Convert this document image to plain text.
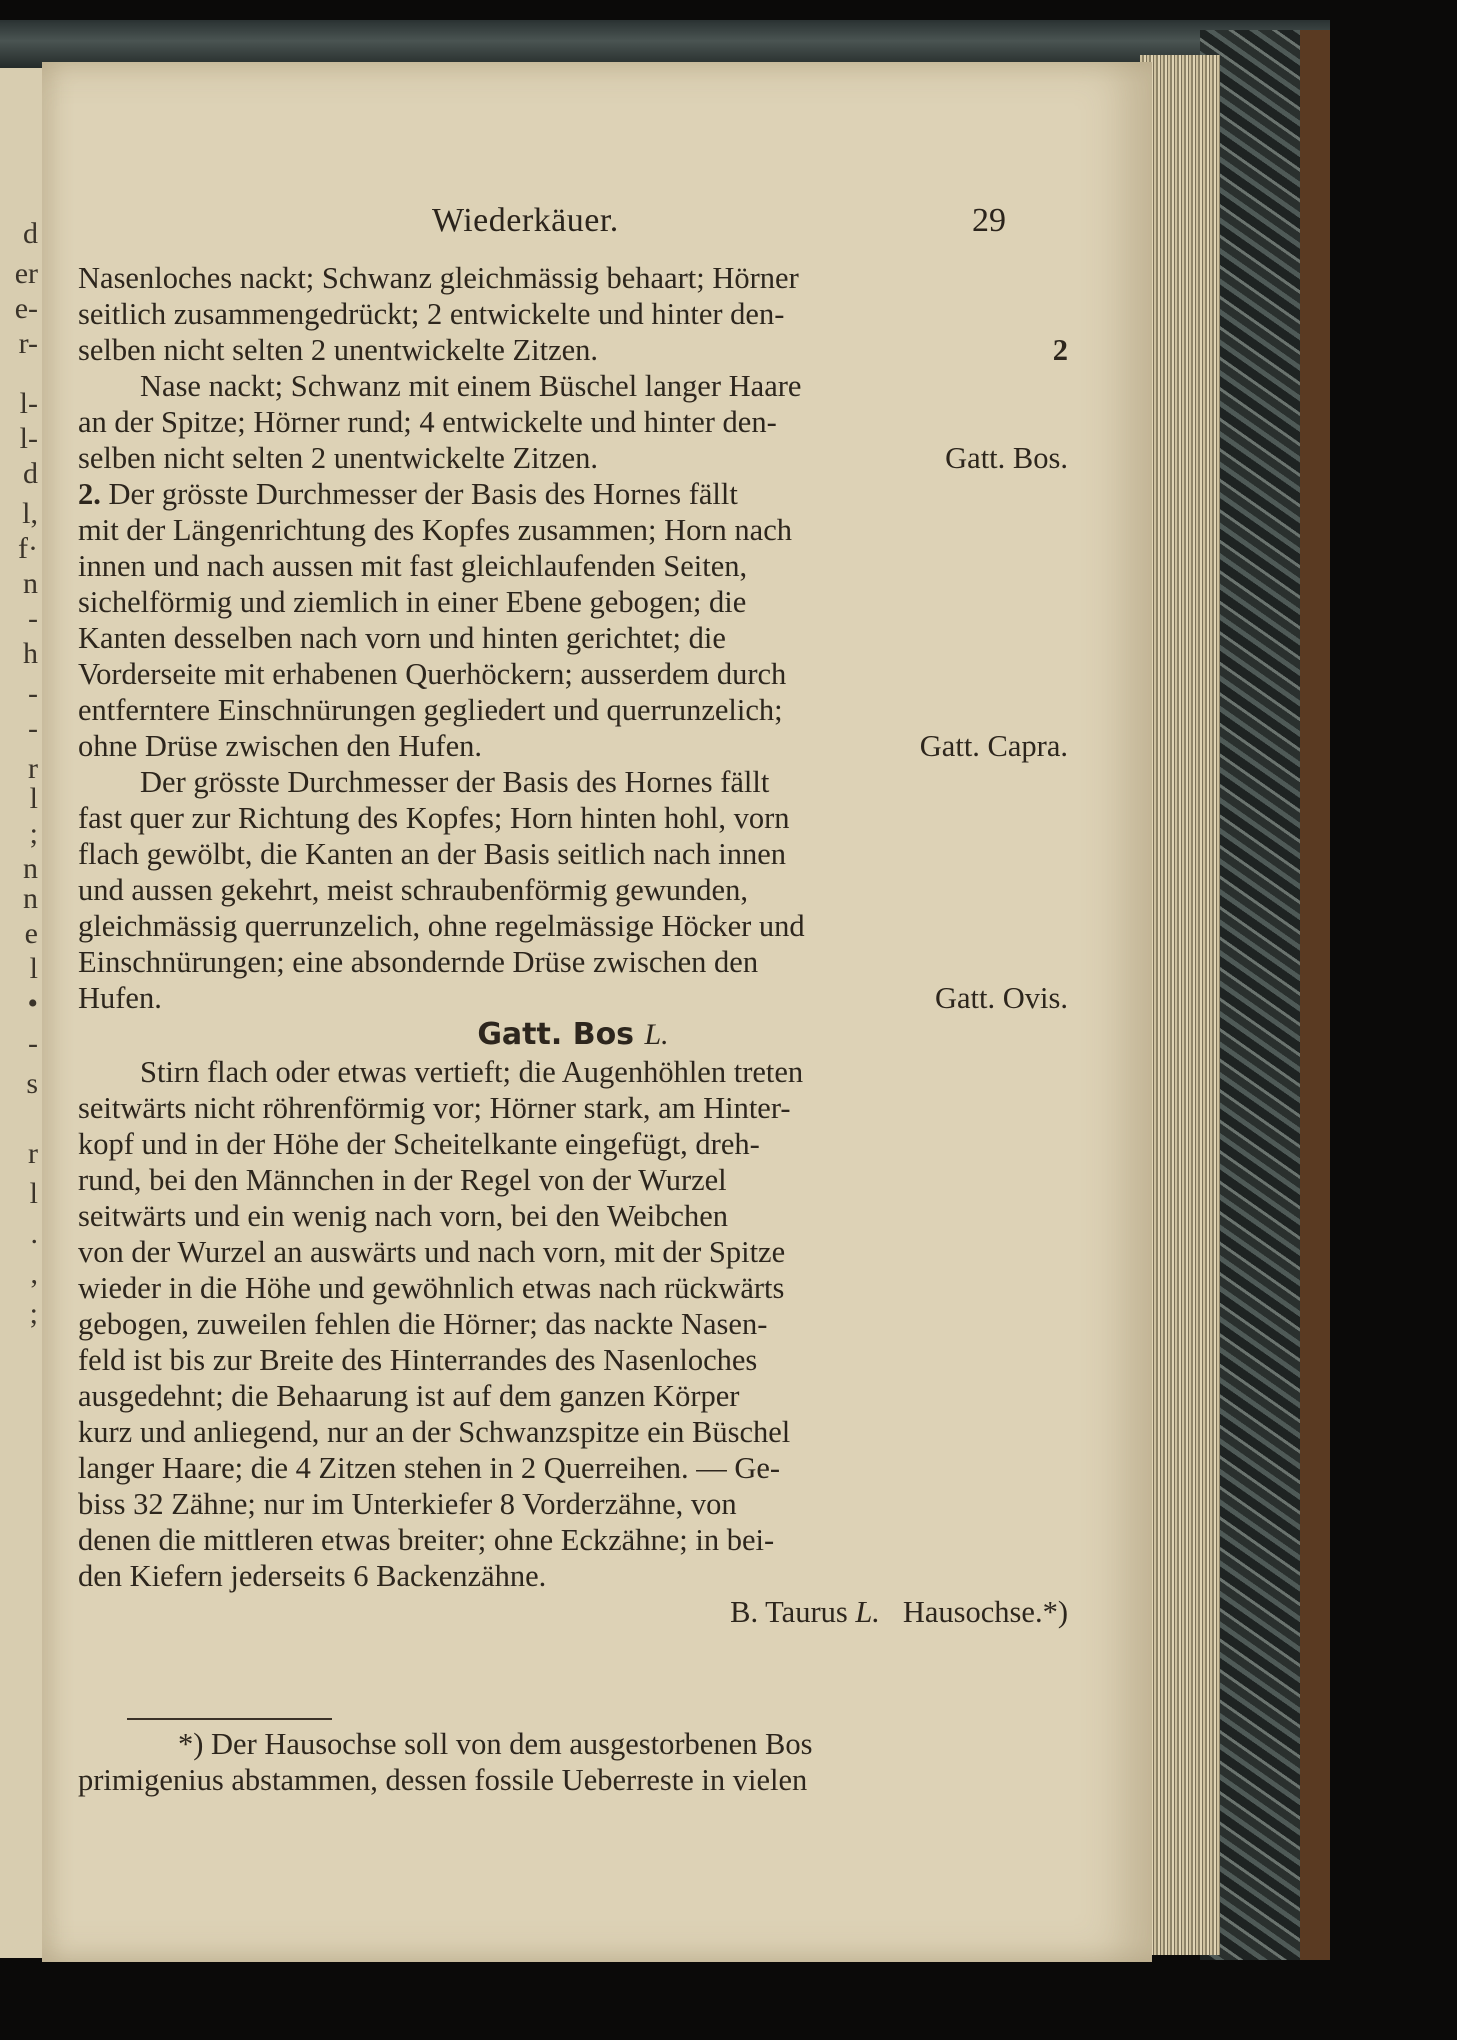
d
er
e-
r-
l-
l-
d
l,
f·
n
-
h
-
-
r
l
;
n
n
e
l
•
-
s
r
l
.
,
;
Wiederkäuer.	29
Nasenloches nackt; Schwanz gleichmässig behaart; Hörner
seitlich zusammengedrückt; 2 entwickelte und hinter den-
selben nicht selten 2 unentwickelte Zitzen.	2
Nase nackt; Schwanz mit einem Büschel langer Haare
an der Spitze; Hörner rund; 4 entwickelte und hinter den-
selben nicht selten 2 unentwickelte Zitzen.	Gatt. Bos.
2. Der grösste Durchmesser der Basis des Hornes fällt
mit der Längenrichtung des Kopfes zusammen; Horn nach
innen und nach aussen mit fast gleichlaufenden Seiten,
sichelförmig und ziemlich in einer Ebene gebogen; die
Kanten desselben nach vorn und hinten gerichtet; die
Vorderseite mit erhabenen Querhöckern; ausserdem durch
entferntere Einschnürungen gegliedert und querrunzelich;
ohne Drüse zwischen den Hufen.	Gatt. Capra.
Der grösste Durchmesser der Basis des Hornes fällt
fast quer zur Richtung des Kopfes; Horn hinten hohl, vorn
flach gewölbt, die Kanten an der Basis seitlich nach innen
und aussen gekehrt, meist schraubenförmig gewunden,
gleichmässig querrunzelich, ohne regelmässige Höcker und
Einschnürungen; eine absondernde Drüse zwischen den
Hufen.	Gatt. Ovis.
Gatt. Bos L.
Stirn flach oder etwas vertieft; die Augenhöhlen treten
seitwärts nicht röhrenförmig vor; Hörner stark, am Hinter-
kopf und in der Höhe der Scheitelkante eingefügt, dreh-
rund, bei den Männchen in der Regel von der Wurzel
seitwärts und ein wenig nach vorn, bei den Weibchen
von der Wurzel an auswärts und nach vorn, mit der Spitze
wieder in die Höhe und gewöhnlich etwas nach rückwärts
gebogen, zuweilen fehlen die Hörner; das nackte Nasen-
feld ist bis zur Breite des Hinterrandes des Nasenloches
ausgedehnt; die Behaarung ist auf dem ganzen Körper
kurz und anliegend, nur an der Schwanzspitze ein Büschel
langer Haare; die 4 Zitzen stehen in 2 Querreihen. — Ge-
biss 32 Zähne; nur im Unterkiefer 8 Vorderzähne, von
denen die mittleren etwas breiter; ohne Eckzähne; in bei-
den Kiefern jederseits 6 Backenzähne.
B. Taurus L. Hausochse.*)
*) Der Hausochse soll von dem ausgestorbenen Bos
primigenius abstammen, dessen fossile Ueberreste in vielen
